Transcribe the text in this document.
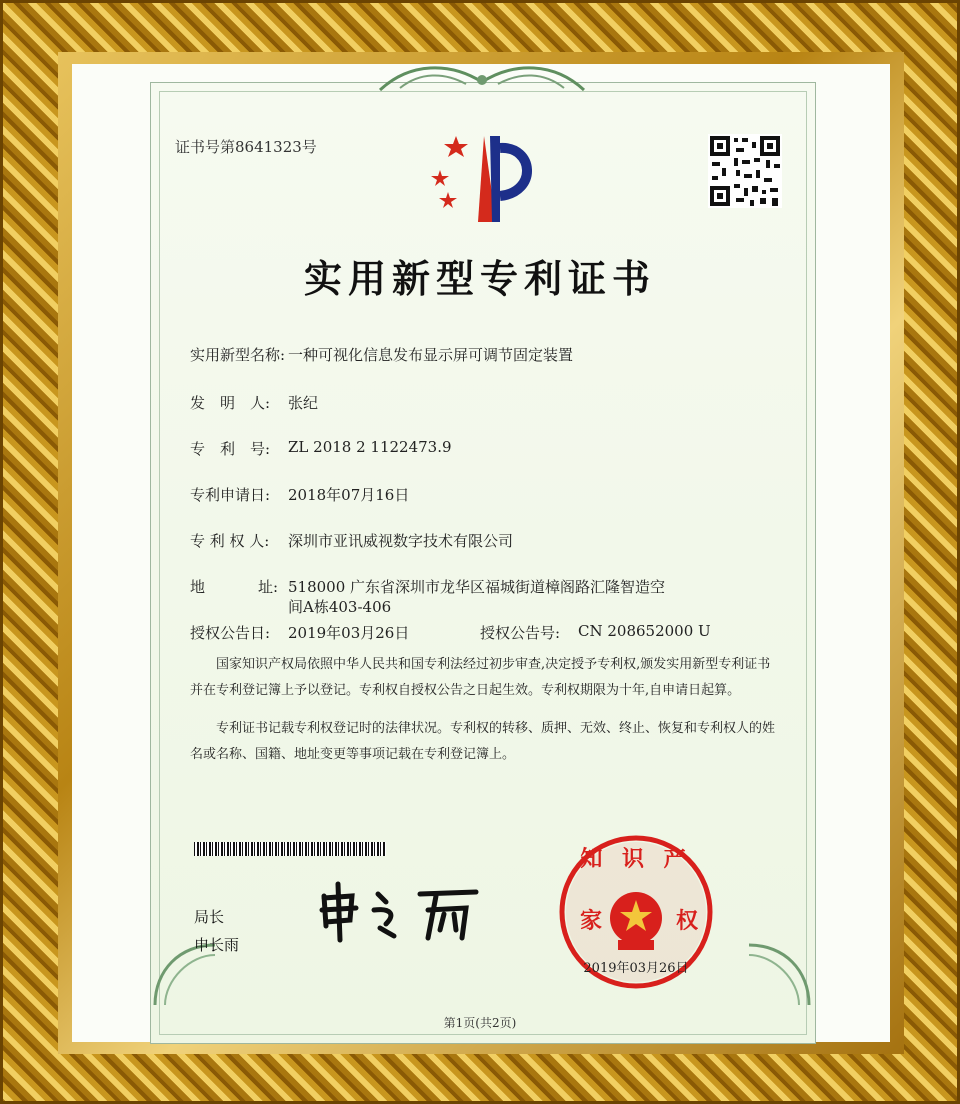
证书号第8641323号
实用新型专利证书
实用新型名称: 一种可视化信息发布显示屏可调节固定装置
发　明　人: 张纪
专　利　号: ZL 2018 2 1122473.9
专利申请日: 2018年07月16日
专 利 权 人: 深圳市亚讯威视数字技术有限公司
地	址: 518000 广东省深圳市龙华区福城街道樟阁路汇隆智造空
间A栋403-406
授权公告日: 2019年03月26日	授权公告号: CN 208652000 U
国家知识产权局依照中华人民共和国专利法经过初步审查,决定授予专利权,颁发实用新型专利证书并在专利登记簿上予以登记。专利权自授权公告之日起生效。专利权期限为十年,自申请日起算。
专利证书记载专利权登记时的法律状况。专利权的转移、质押、无效、终止、恢复和专利权人的姓名或名称、国籍、地址变更等事项记载在专利登记簿上。
局长
申长雨
知 识 产
家	权
2019年03月26日
第1页(共2页)
